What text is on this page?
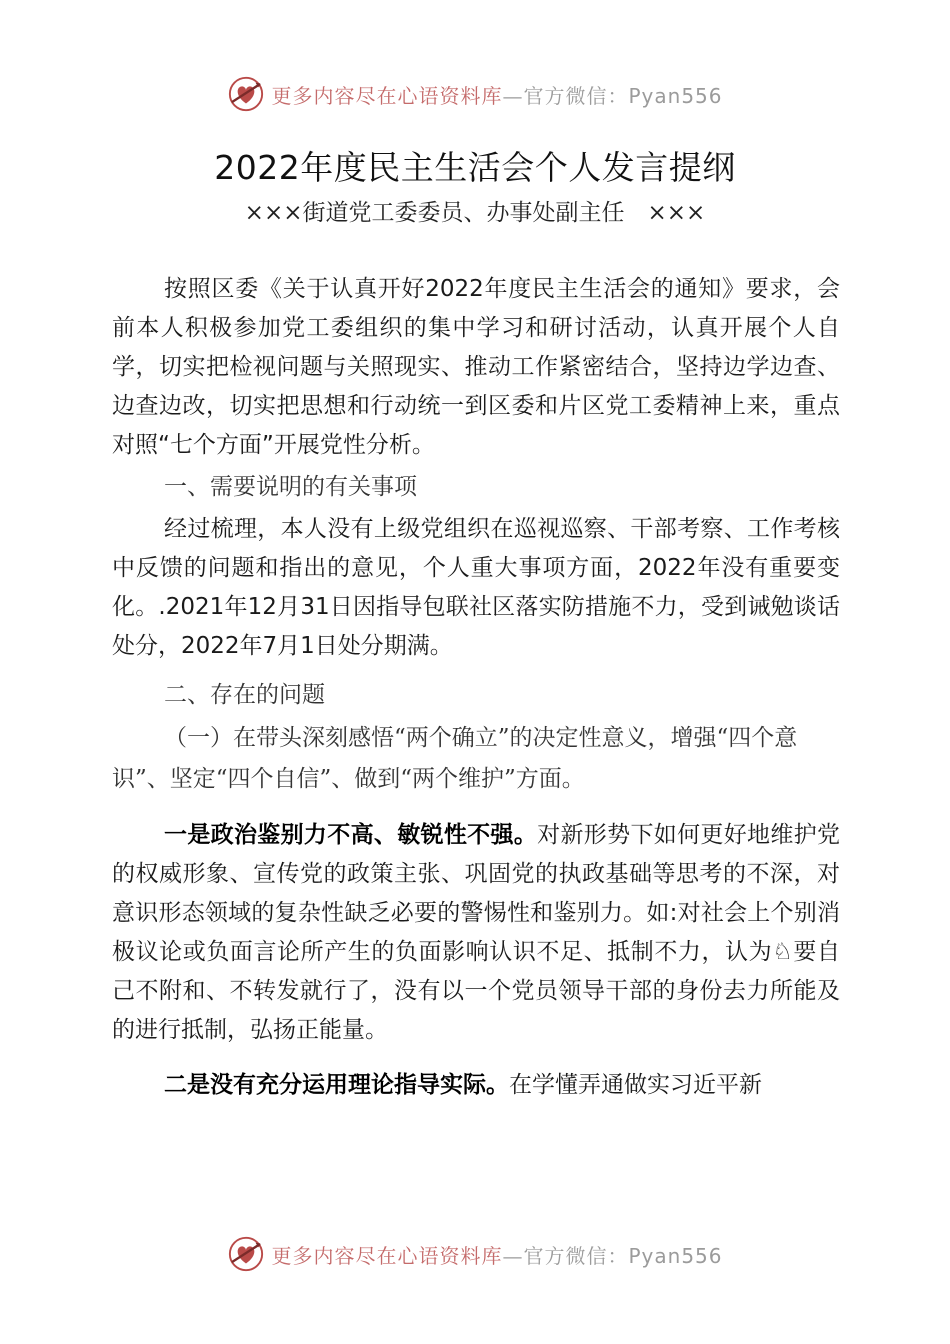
更多内容尽在心语资料库—官方微信：Pyan556
2022年度民主生活会个人发言提纲

×××街道党工委委员、办事处副主任　×××

按照区委《关于认真开好2022年度民主生活会的通知》要求，会前本人积极参加党工委组织的集中学习和研讨活动，认真开展个人自学，切实把检视问题与关照现实、推动工作紧密结合，坚持边学边查、边查边改，切实把思想和行动统一到区委和片区党工委精神上来，重点对照“七个方面”开展党性分析。

一、需要说明的有关事项

经过梳理，本人没有上级党组织在巡视巡察、干部考察、工作考核中反馈的问题和指出的意见，个人重大事项方面，2022年没有重要变化。.2021年12月31日因指导包联社区落实防措施不力，受到诫勉谈话处分，2022年7月1日处分期满。

二、存在的问题

（一）在带头深刻感悟“两个确立”的决定性意义，增强“四个意识”、坚定“四个自信”、做到“两个维护”方面。

一是政治鉴别力不高、敏锐性不强。对新形势下如何更好地维护党的权威形象、宣传党的政策主张、巩固党的执政基础等思考的不深，对意识形态领域的复杂性缺乏必要的警惕性和鉴别力。如:对社会上个别消极议论或负面言论所产生的负面影响认识不足、抵制不力，认为♘要自己不附和、不转发就行了，没有以一个党员领导干部的身份去力所能及的进行抵制，弘扬正能量。

二是没有充分运用理论指导实际。在学懂弄通做实习近平新

更多内容尽在心语资料库—官方微信：Pyan556
